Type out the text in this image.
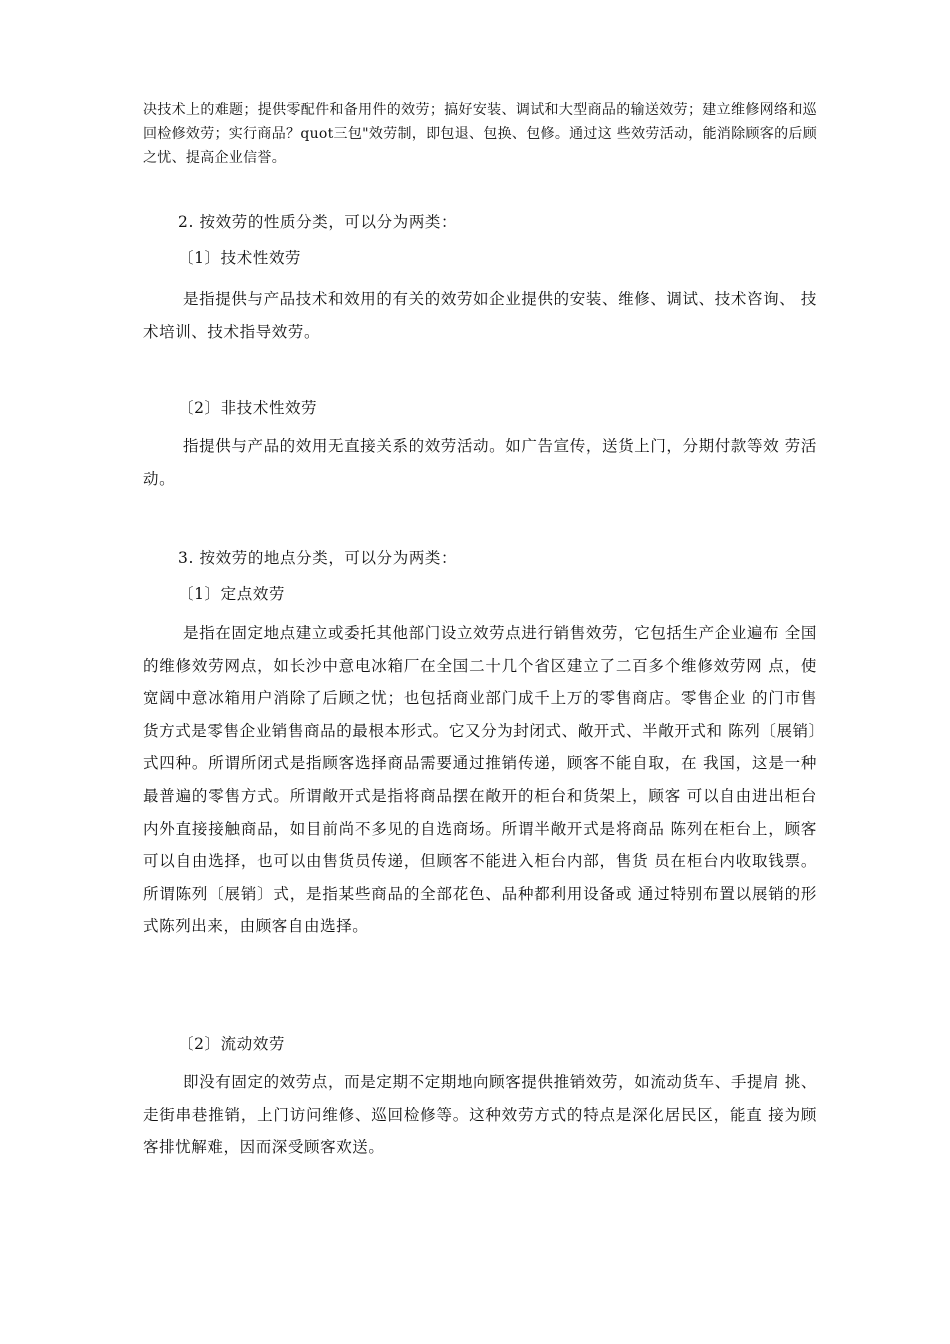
决技术上的难题；提供零配件和备用件的效劳；搞好安装、调试和大型商品的输送效劳；建立维修网络和巡回检修效劳；实行商品？quot三包"效劳制，即包退、包换、包修。通过这 些效劳活动，能消除顾客的后顾之忧、提高企业信誉。

2. 按效劳的性质分类，可以分为两类：

〔1〕技术性效劳

是指提供与产品技术和效用的有关的效劳如企业提供的安装、维修、调试、技术咨询、 技术培训、技术指导效劳。

〔2〕非技术性效劳

指提供与产品的效用无直接关系的效劳活动。如广告宣传，送货上门，分期付款等效 劳活动。

3. 按效劳的地点分类，可以分为两类：

〔1〕定点效劳

是指在固定地点建立或委托其他部门设立效劳点进行销售效劳，它包括生产企业遍布 全国的维修效劳网点，如长沙中意电冰箱厂在全国二十几个省区建立了二百多个维修效劳网 点，使宽阔中意冰箱用户消除了后顾之忧；也包括商业部门成千上万的零售商店。零售企业 的门市售货方式是零售企业销售商品的最根本形式。它又分为封闭式、敞开式、半敞开式和 陈列〔展销〕式四种。所谓所闭式是指顾客选择商品需要通过推销传递，顾客不能自取，在 我国，这是一种最普遍的零售方式。所谓敞开式是指将商品摆在敞开的柜台和货架上，顾客 可以自由进出柜台内外直接接触商品，如目前尚不多见的自选商场。所谓半敞开式是将商品 陈列在柜台上，顾客可以自由选择，也可以由售货员传递，但顾客不能进入柜台内部，售货 员在柜台内收取钱票。所谓陈列〔展销〕式，是指某些商品的全部花色、品种都利用设备或 通过特别布置以展销的形式陈列出来，由顾客自由选择。

〔2〕流动效劳

即没有固定的效劳点，而是定期不定期地向顾客提供推销效劳，如流动货车、手提肩 挑、走街串巷推销，上门访问维修、巡回检修等。这种效劳方式的特点是深化居民区，能直 接为顾客排忧解难，因而深受顾客欢送。
